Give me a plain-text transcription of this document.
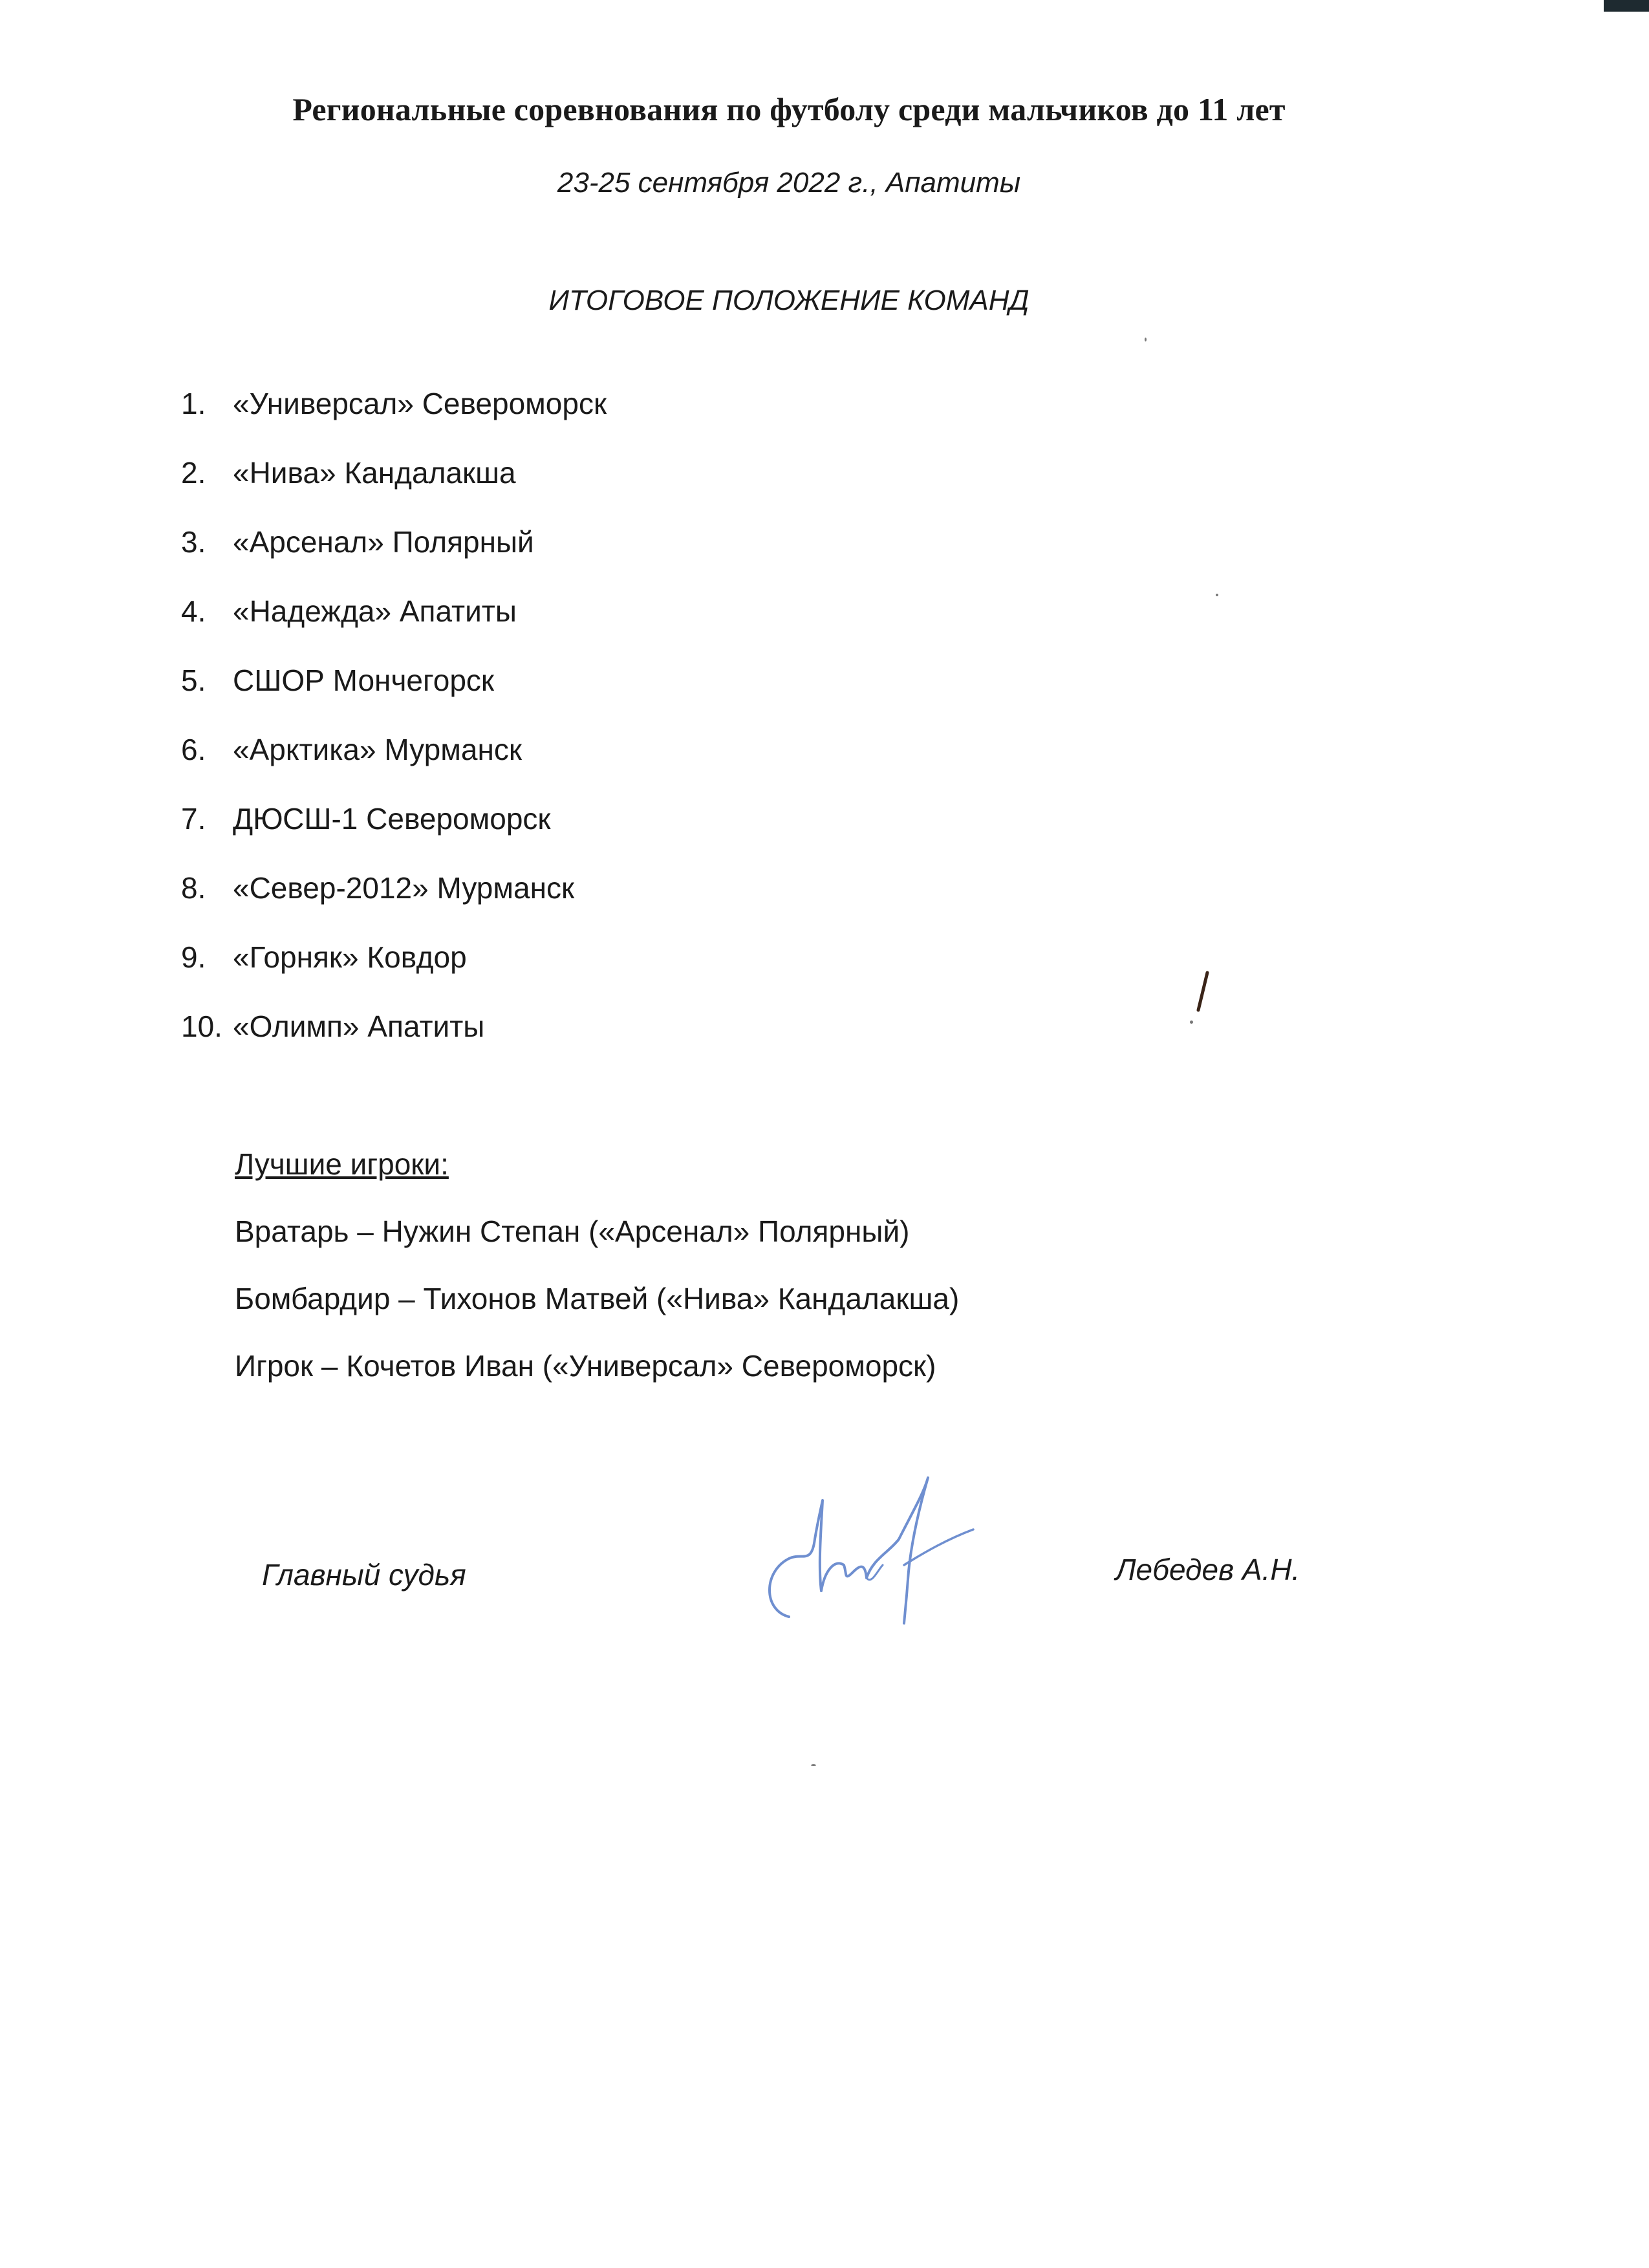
Региональные соревнования по футболу среди мальчиков до 11 лет
23-25 сентября 2022 г., Апатиты
ИТОГОВОЕ ПОЛОЖЕНИЕ КОМАНД
1. «Универсал» Североморск
2. «Нива» Кандалакша
3. «Арсенал» Полярный
4. «Надежда» Апатиты
5. СШОР Мончегорск
6. «Арктика» Мурманск
7. ДЮСШ-1 Североморск
8. «Север-2012» Мурманск
9. «Горняк» Ковдор
10. «Олимп» Апатиты
Лучшие игроки:
Вратарь – Нужин Степан («Арсенал» Полярный)
Бомбардир – Тихонов Матвей («Нива» Кандалакша)
Игрок – Кочетов Иван («Универсал» Североморск)
Главный судья	Лебедев А.Н.
